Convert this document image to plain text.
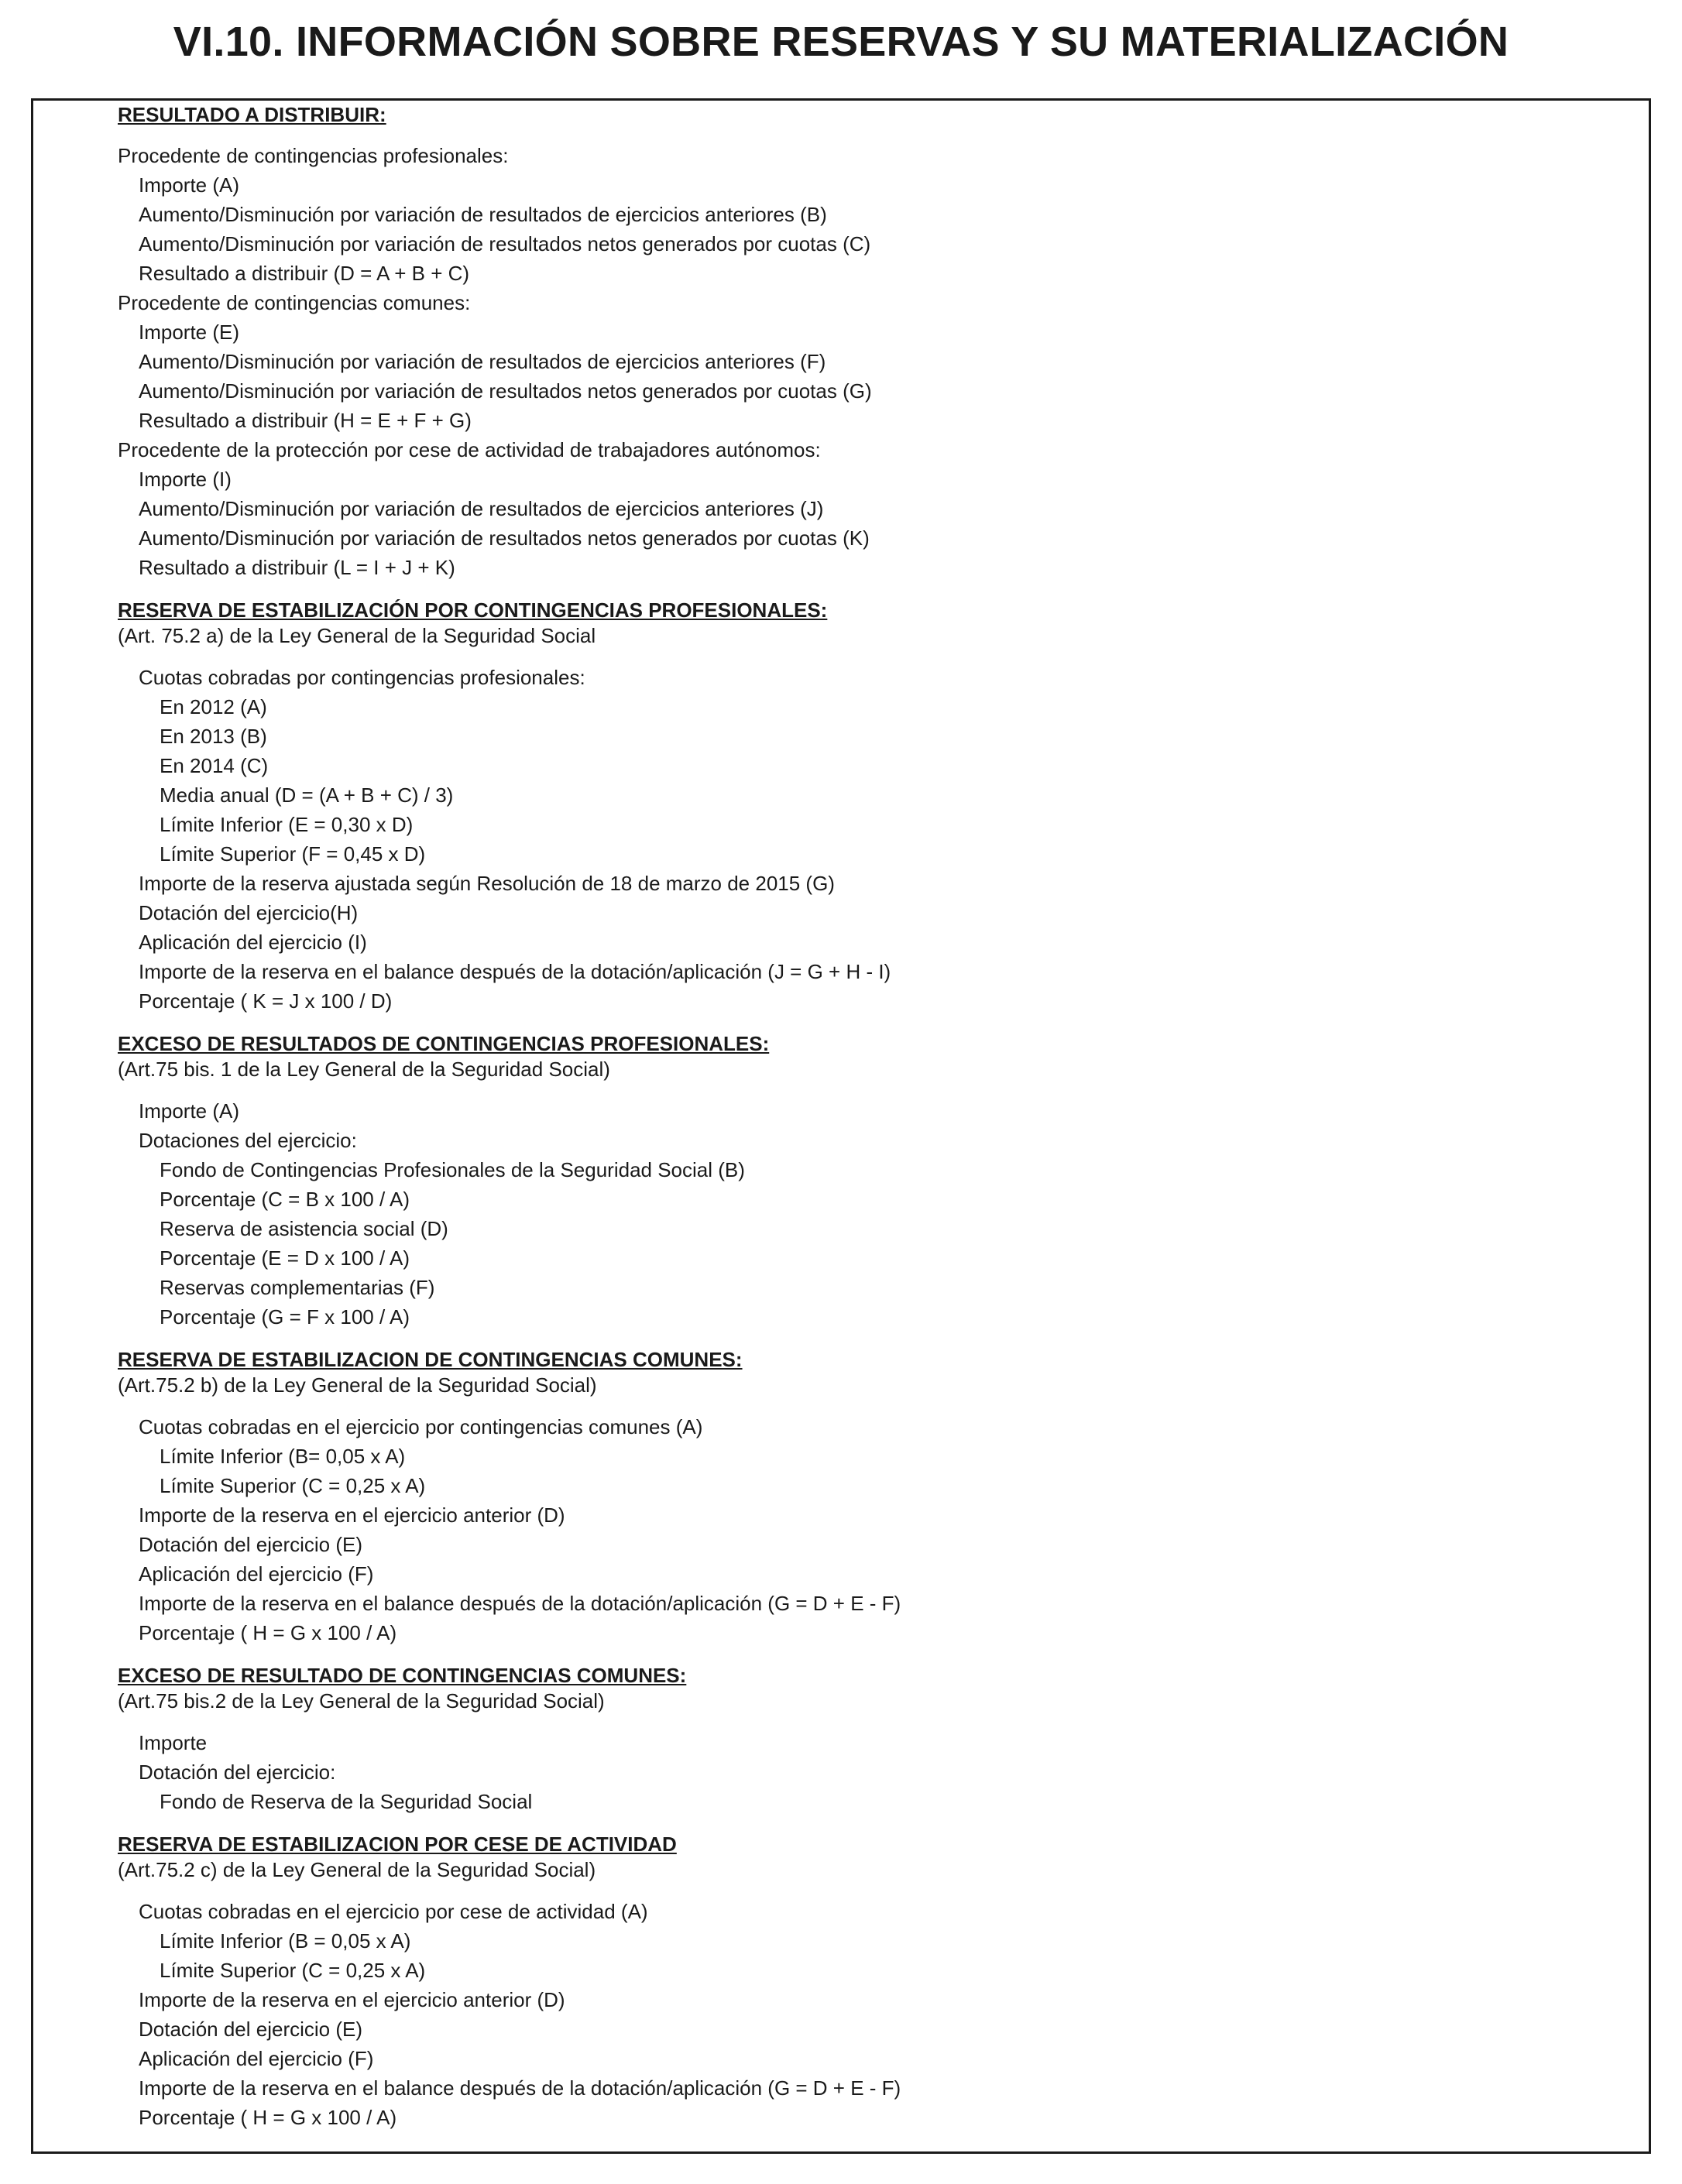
VI.10. INFORMACIÓN SOBRE RESERVAS Y SU MATERIALIZACIÓN
RESULTADO A DISTRIBUIR:
Procedente de contingencias profesionales:
Importe (A)
Aumento/Disminución por variación de resultados de ejercicios anteriores (B)
Aumento/Disminución por variación de resultados netos generados por cuotas (C)
Resultado a distribuir (D = A + B + C)
Procedente de contingencias comunes:
Importe (E)
Aumento/Disminución por variación de resultados de ejercicios anteriores (F)
Aumento/Disminución por variación de resultados netos generados por cuotas (G)
Resultado a distribuir (H = E + F + G)
Procedente de la protección por cese de actividad de trabajadores autónomos:
Importe (I)
Aumento/Disminución por variación de resultados de ejercicios anteriores (J)
Aumento/Disminución por variación de resultados netos generados por cuotas (K)
Resultado a distribuir (L = I + J + K)
RESERVA DE ESTABILIZACIÓN POR CONTINGENCIAS PROFESIONALES:
(Art. 75.2 a) de la Ley General de la Seguridad Social
Cuotas cobradas por contingencias profesionales:
En 2012 (A)
En 2013 (B)
En 2014 (C)
Media anual (D = (A + B + C) / 3)
Límite Inferior (E = 0,30 x D)
Límite Superior (F = 0,45 x D)
Importe de la reserva ajustada según Resolución de 18 de marzo de 2015 (G)
Dotación del ejercicio(H)
Aplicación del ejercicio (I)
Importe de la reserva en el balance después de la dotación/aplicación (J = G + H - I)
Porcentaje ( K = J x 100 / D)
EXCESO DE RESULTADOS DE CONTINGENCIAS PROFESIONALES:
(Art.75 bis. 1 de la Ley General de la Seguridad Social)
Importe (A)
Dotaciones del ejercicio:
Fondo de Contingencias Profesionales de la Seguridad Social (B)
Porcentaje (C = B x 100 / A)
Reserva de asistencia social (D)
Porcentaje (E = D x 100 / A)
Reservas complementarias (F)
Porcentaje (G = F x 100 / A)
RESERVA DE ESTABILIZACION DE CONTINGENCIAS COMUNES:
(Art.75.2 b) de la Ley General de la Seguridad Social)
Cuotas cobradas en el ejercicio por contingencias comunes (A)
Límite Inferior (B= 0,05 x A)
Límite Superior (C = 0,25 x A)
Importe de la reserva en el ejercicio anterior (D)
Dotación del ejercicio (E)
Aplicación del ejercicio (F)
Importe de la reserva en el balance después de la dotación/aplicación (G = D + E - F)
Porcentaje ( H = G x 100 / A)
EXCESO DE RESULTADO DE CONTINGENCIAS COMUNES:
(Art.75 bis.2 de la Ley General de la Seguridad Social)
Importe
Dotación del ejercicio:
Fondo de Reserva de la Seguridad Social
RESERVA DE ESTABILIZACION POR CESE DE ACTIVIDAD
(Art.75.2 c) de la Ley General de la Seguridad Social)
Cuotas cobradas en el ejercicio por cese de actividad (A)
Límite Inferior (B = 0,05 x A)
Límite Superior (C = 0,25 x A)
Importe de la reserva en el ejercicio anterior (D)
Dotación del ejercicio (E)
Aplicación del ejercicio (F)
Importe de la reserva en el balance después de la dotación/aplicación (G = D + E - F)
Porcentaje ( H = G x 100 / A)
